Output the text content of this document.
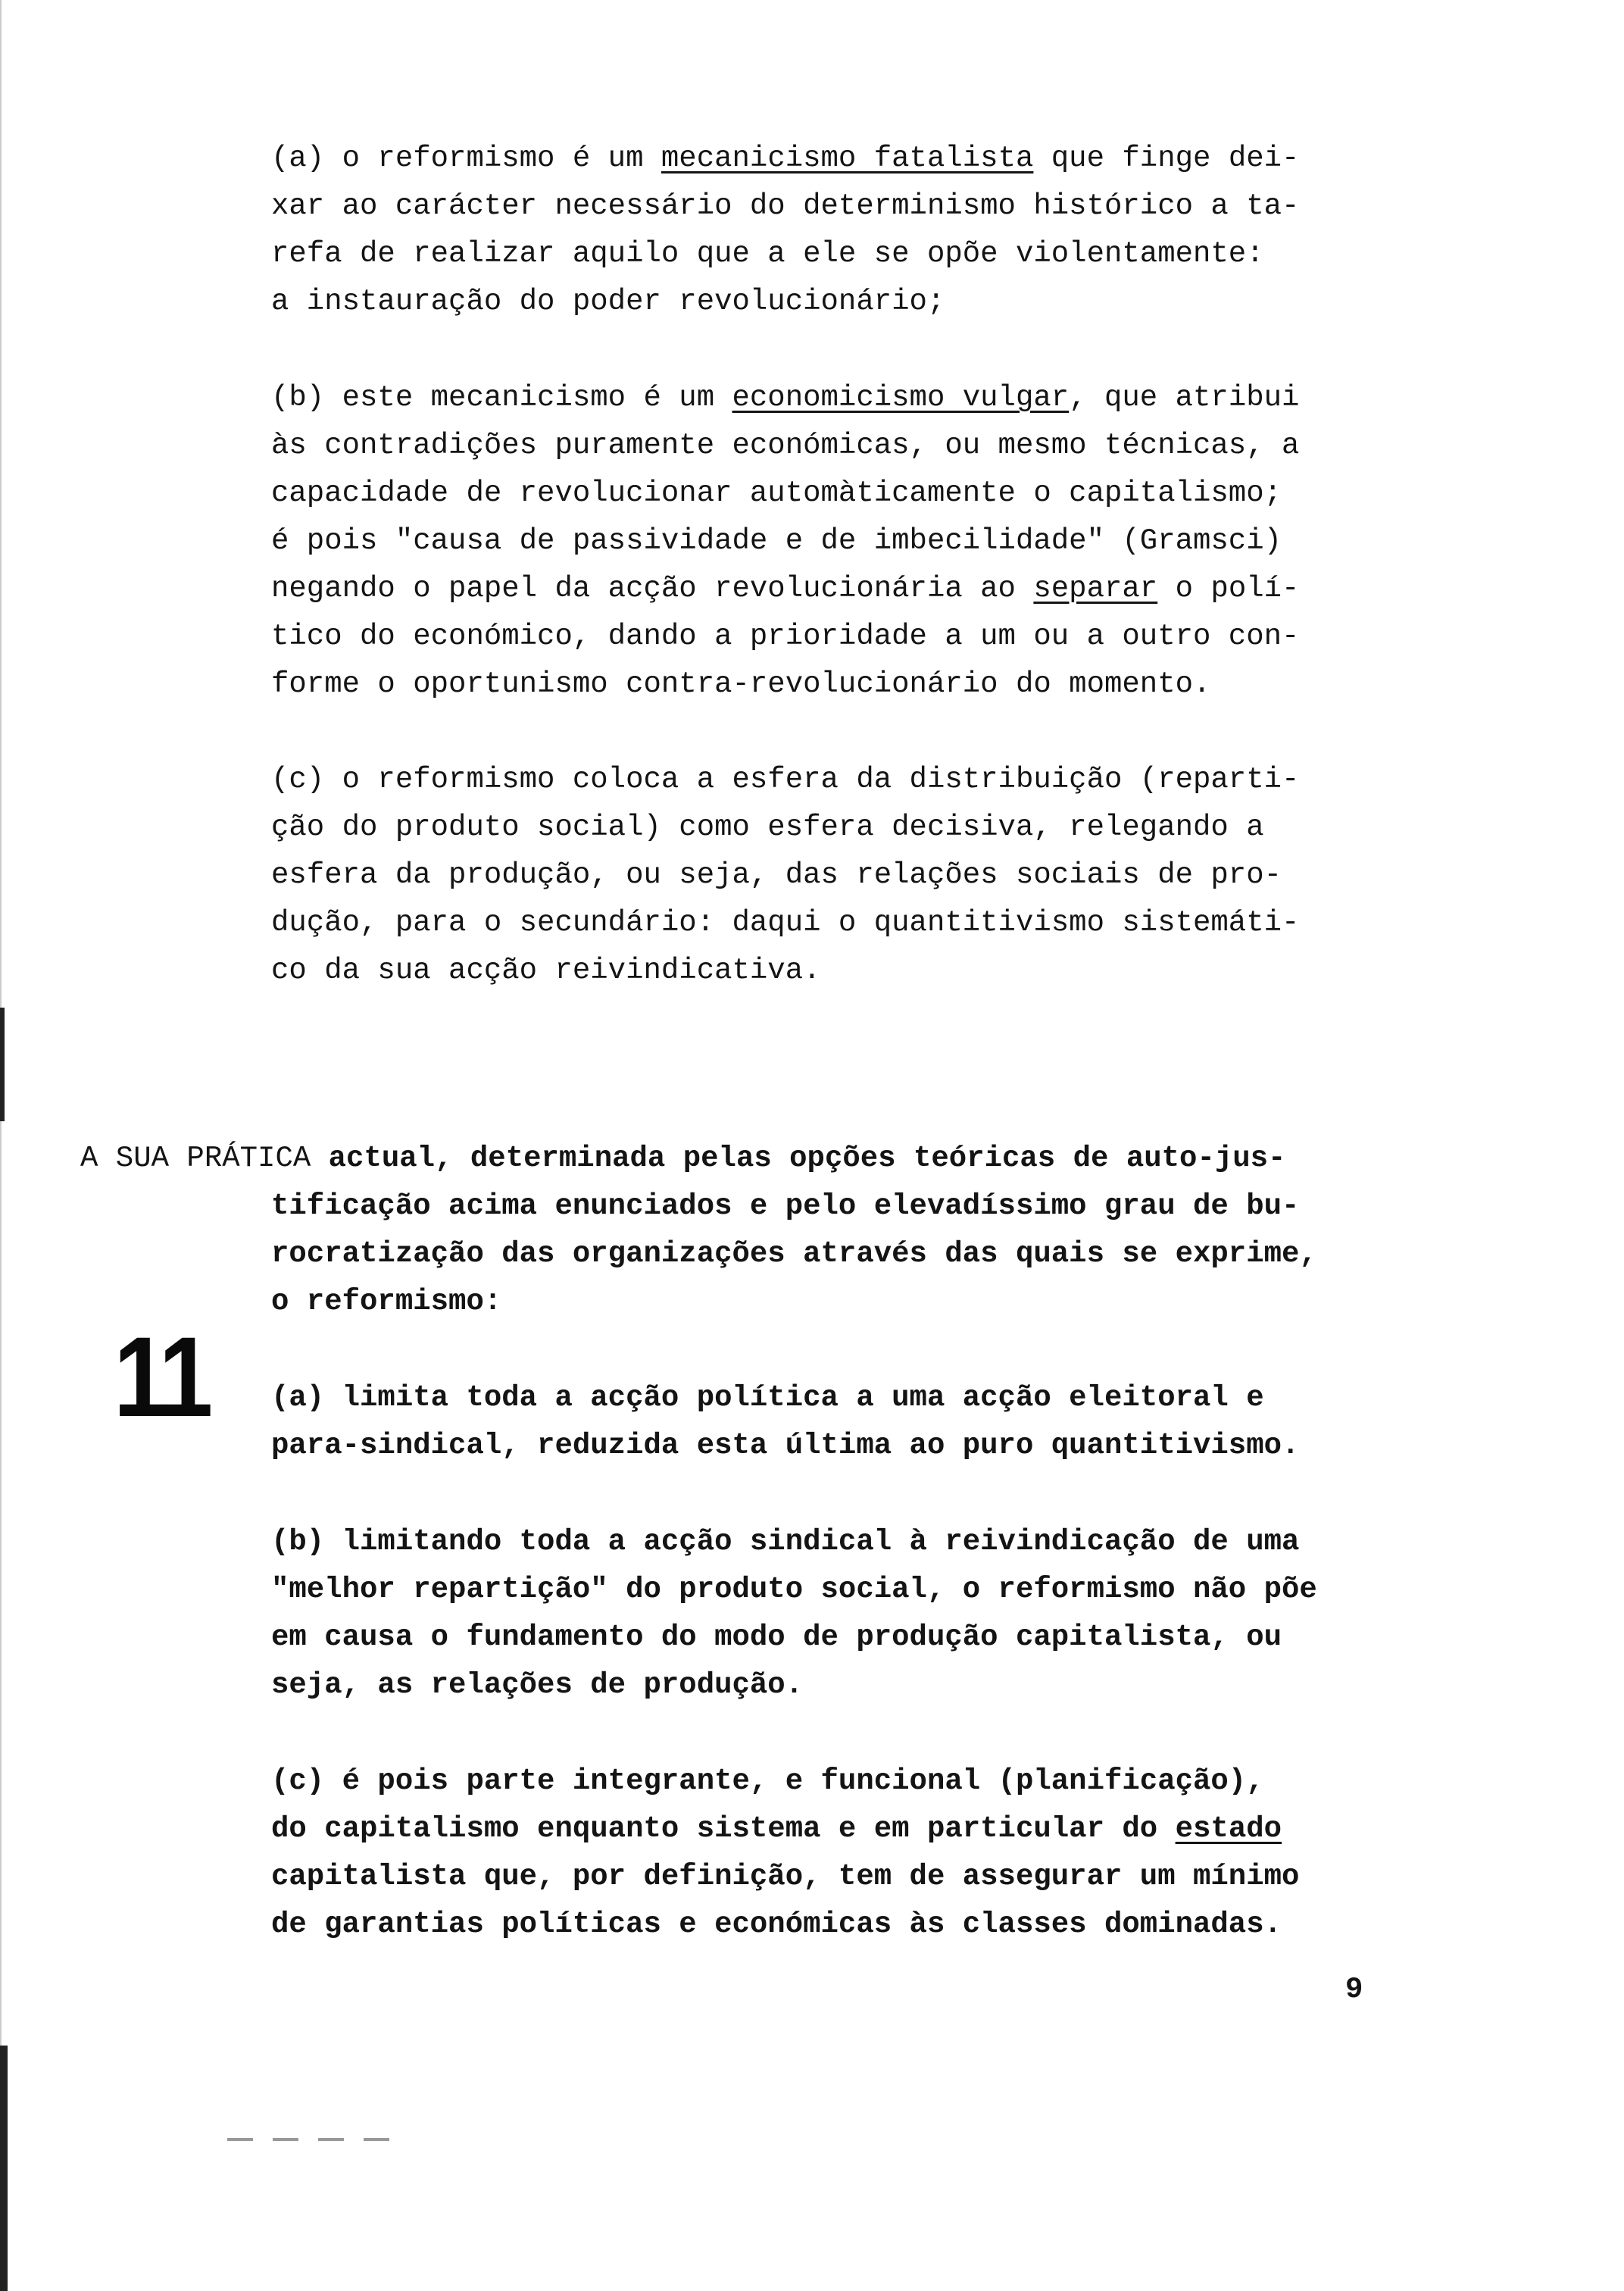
(a) o reformismo é um mecanicismo fatalista que finge dei-
xar ao carácter necessário do determinismo histórico a ta-
refa de realizar aquilo que a ele se opõe violentamente:
a instauração do poder revolucionário;
(b) este mecanicismo é um economicismo vulgar, que atribui
às contradições puramente económicas, ou mesmo técnicas, a
capacidade de revolucionar automàticamente o capitalismo;
é pois "causa de passividade e de imbecilidade" (Gramsci)
negando o papel da acção revolucionária ao separar o polí-
tico do económico, dando a prioridade a um ou a outro con-
forme o oportunismo contra-revolucionário do momento.
(c) o reformismo coloca a esfera da distribuição (reparti-
ção do produto social) como esfera decisiva, relegando a
esfera da produção, ou seja, das relações sociais de pro-
dução, para o secundário: daqui o quantitivismo sistemáti-
co da sua acção reivindicativa.
A SUA PRÁTICA actual, determinada pelas opções teóricas de auto-jus-
tificação acima enunciados e pelo elevadíssimo grau de bu-
rocratização das organizações através das quais se exprime,
o reformismo:
11 (a) limita toda a acção política a uma acção eleitoral e
para-sindical, reduzida esta última ao puro quantitivismo.
(b) limitando toda a acção sindical à reivindicação de uma
"melhor repartição" do produto social, o reformismo não põe
em causa o fundamento do modo de produção capitalista, ou
seja, as relações de produção.
(c) é pois parte integrante, e funcional (planificação),
do capitalismo enquanto sistema e em particular do estado
capitalista que, por definição, tem de assegurar um mínimo
de garantias políticas e económicas às classes dominadas.
9
